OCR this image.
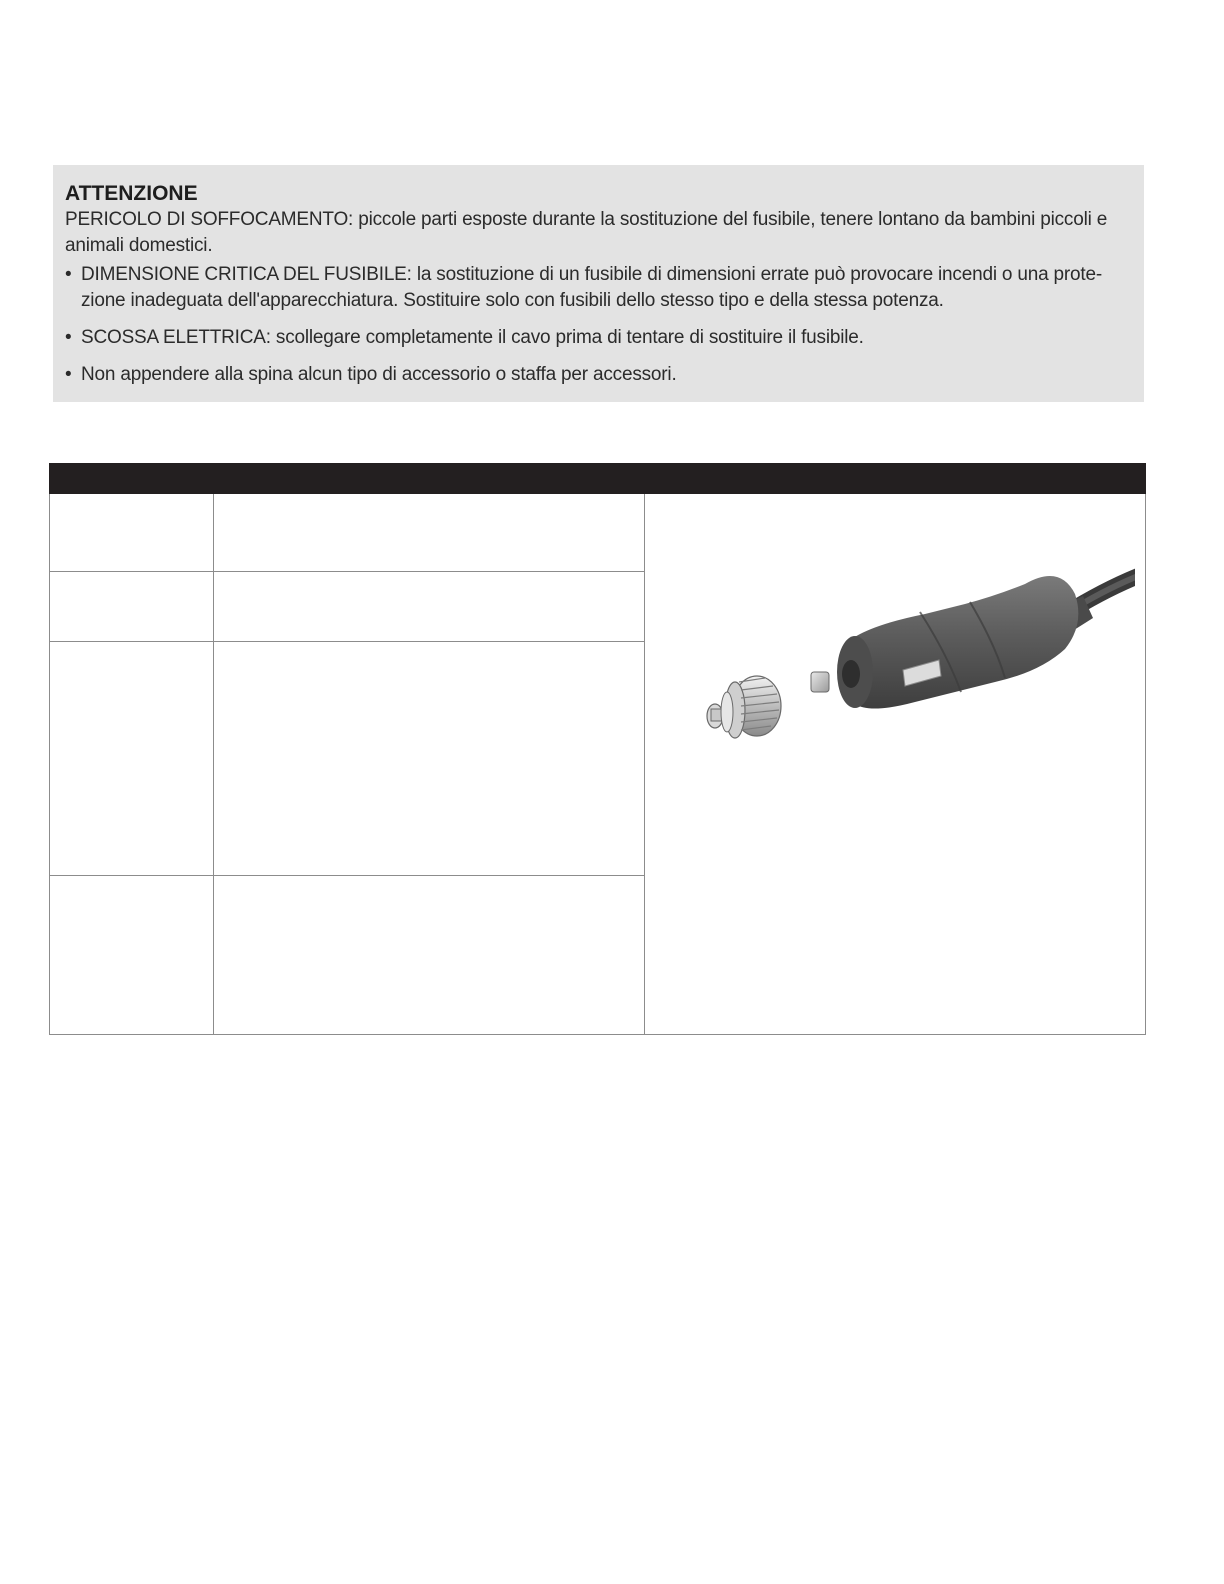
ATTENZIONE

PERICOLO DI SOFFOCAMENTO: piccole parti esposte durante la sostituzione del fusibile, tenere lontano da bambini piccoli e animali domestici.

• DIMENSIONE CRITICA DEL FUSIBILE: la sostituzione di un fusibile di dimensioni errate può provocare incendi o una prote-zione inadeguata dell'apparecchiatura. Sostituire solo con fusibili dello stesso tipo e della stessa potenza.
• SCOSSA ELETTRICA: scollegare completamente il cavo prima di tentare di sostituire il fusibile.
• Non appendere alla spina alcun tipo di accessorio o staffa per accessori.
